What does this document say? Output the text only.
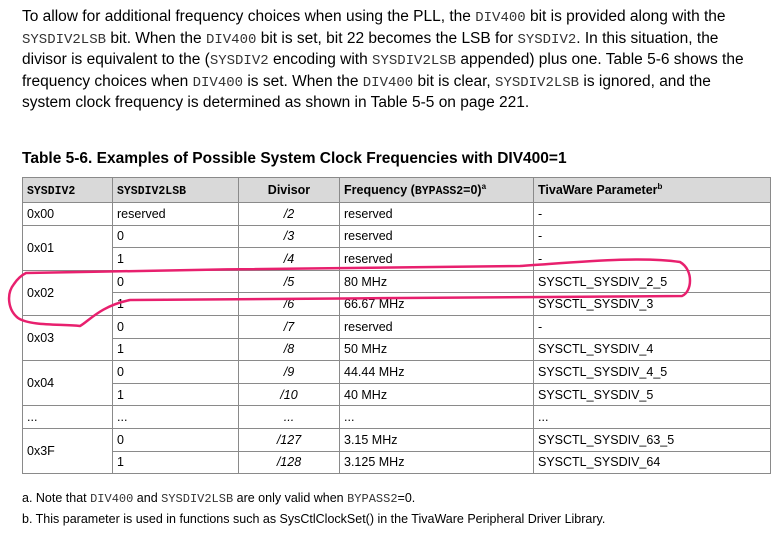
To allow for additional frequency choices when using the PLL, the DIV400 bit is provided along with the SYSDIV2LSB bit. When the DIV400 bit is set, bit 22 becomes the LSB for SYSDIV2. In this situation, the divisor is equivalent to the (SYSDIV2 encoding with SYSDIV2LSB appended) plus one. Table 5-6 shows the frequency choices when DIV400 is set. When the DIV400 bit is clear, SYSDIV2LSB is ignored, and the system clock frequency is determined as shown in Table 5-5 on page 221.
Table 5-6. Examples of Possible System Clock Frequencies with DIV400=1
SYSDIV2	SYSDIV2LSB	Divisor	Frequency (BYPASS2=0)$^a$	TivaWare Parameter$^b$
0x00	reserved	/2	reserved	-
0x01	0	/3	reserved	-
	1	/4	reserved	-
0x02	0	/5	80 MHz	SYSCTL_SYSDIV_2_5
	1	/6	66.67 MHz	SYSCTL_SYSDIV_3
0x03	0	/7	reserved	-
	1	/8	50 MHz	SYSCTL_SYSDIV_4
0x04	0	/9	44.44 MHz	SYSCTL_SYSDIV_4_5
	1	/10	40 MHz	SYSCTL_SYSDIV_5
...	...	...	...	...
0x3F	0	/127	3.15 MHz	SYSCTL_SYSDIV_63_5
	1	/128	3.125 MHz	SYSCTL_SYSDIV_64
a. Note that DIV400 and SYSDIV2LSB are only valid when BYPASS2=0.
b. This parameter is used in functions such as SysCtlClockSet() in the TivaWare Peripheral Driver Library.
